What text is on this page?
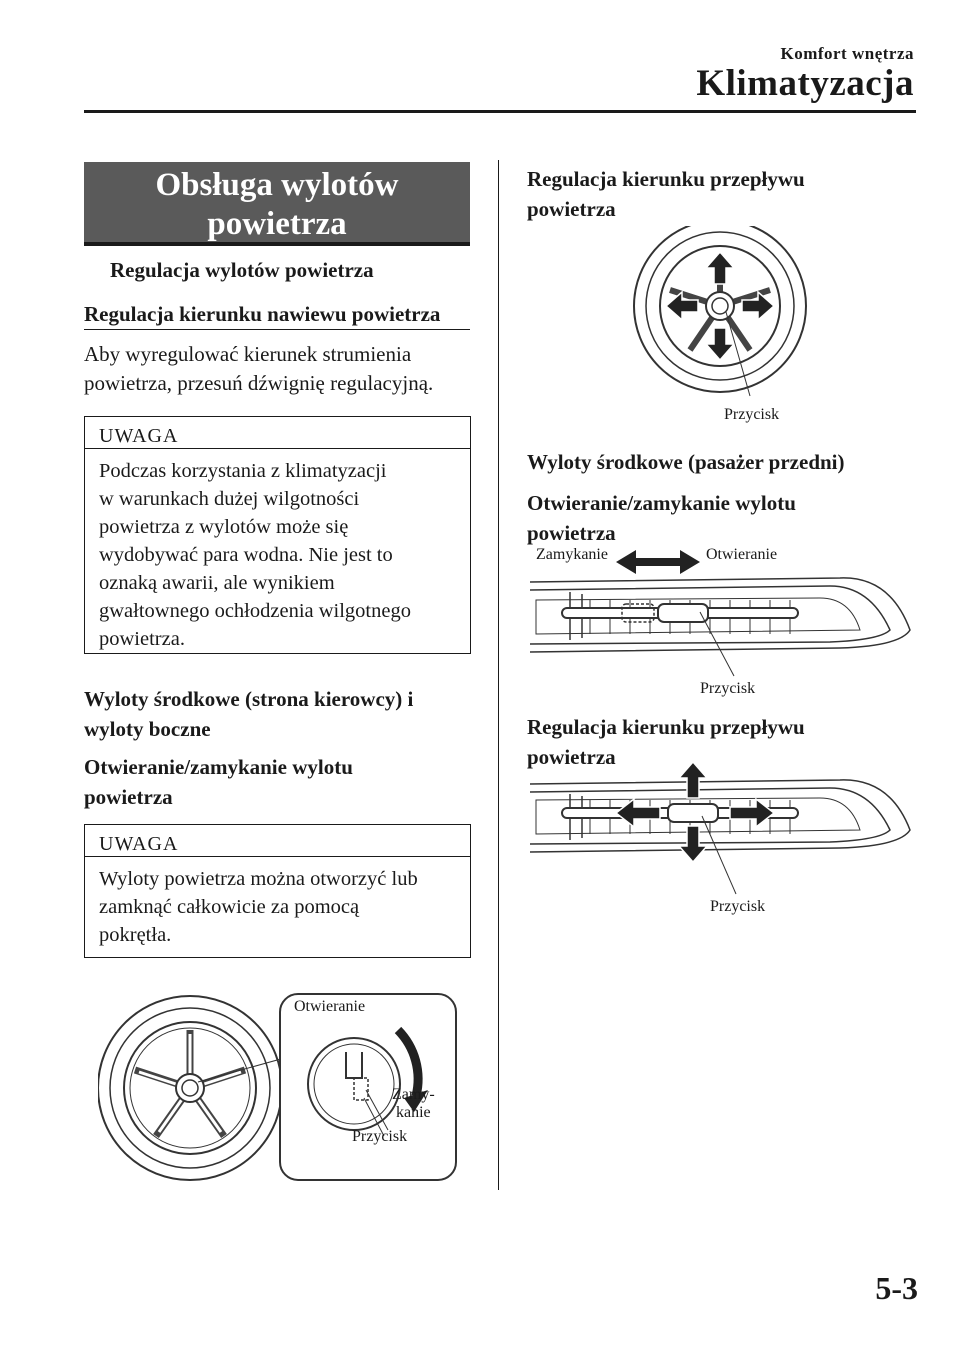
Komfort wnętrza
Klimatyzacja
Obsługa wylotów
powietrza
Regulacja wylotów powietrza
Regulacja kierunku nawiewu powietrza
Aby wyregulować kierunek strumienia
powietrza, przesuń dźwignię regulacyjną.
UWAGA
Podczas korzystania z klimatyzacji
w warunkach dużej wilgotności
powietrza z wylotów może się
wydobywać para wodna. Nie jest to
oznaką awarii, ale wynikiem
gwałtownego ochłodzenia wilgotnego
powietrza.
Wyloty środkowe (strona kierowcy) i
wyloty boczne
Otwieranie/zamykanie wylotu
powietrza
UWAGA
Wyloty powietrza można otworzyć lub
zamknąć całkowicie za pomocą
pokrętła.
Otwieranie
Zamy-
kanie
Przycisk
Regulacja kierunku przepływu
powietrza
Przycisk
Wyloty środkowe (pasażer przedni)
Otwieranie/zamykanie wylotu
powietrza
Zamykanie	Otwieranie
Przycisk
Regulacja kierunku przepływu
powietrza
Przycisk
5-3
